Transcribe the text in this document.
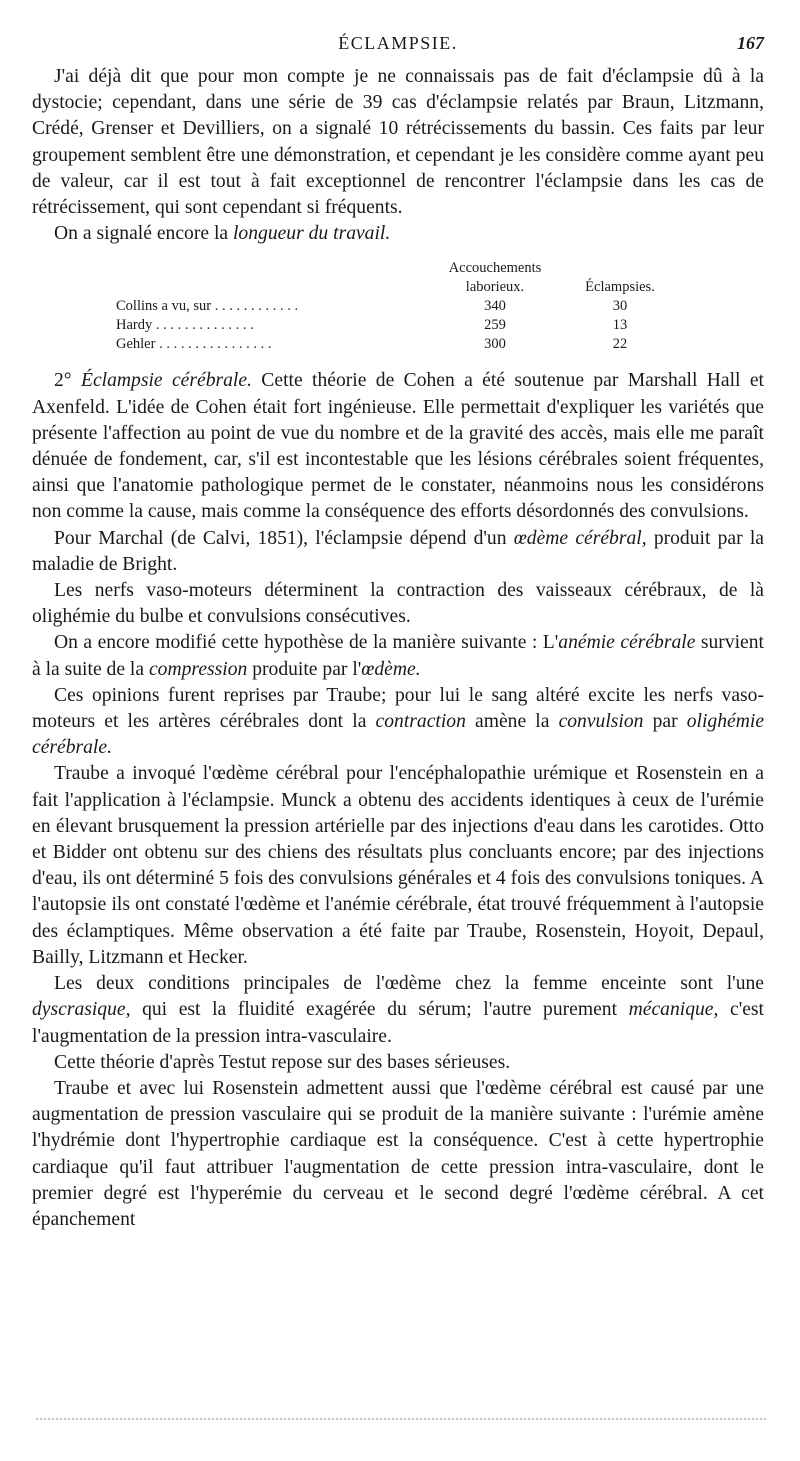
ÉCLAMPSIE.	167

J'ai déjà dit que pour mon compte je ne connaissais pas de fait d'éclampsie dû à la dystocie; cependant, dans une série de 39 cas d'éclampsie relatés par Braun, Litzmann, Crédé, Grenser et Devilliers, on a signalé 10 rétrécissements du bassin. Ces faits par leur groupement semblent être une démonstration, et cependant je les considère comme ayant peu de valeur, car il est tout à fait exceptionnel de rencontrer l'éclampsie dans les cas de rétrécissement, qui sont cependant si fréquents.

On a signalé encore la longueur du travail.

	Accouchements laborieux.	Éclampsies.
Collins a vu, sur . . . . . . . . . . . .	340	30
Hardy . . . . . . . . . . . . . .	259	13
Gehler . . . . . . . . . . . . . . . .	300	22

2° Éclampsie cérébrale. Cette théorie de Cohen a été soutenue par Marshall Hall et Axenfeld. L'idée de Cohen était fort ingénieuse. Elle permettait d'expliquer les variétés que présente l'affection au point de vue du nombre et de la gravité des accès, mais elle me paraît dénuée de fondement, car, s'il est incontestable que les lésions cérébrales soient fréquentes, ainsi que l'anatomie pathologique permet de le constater, néanmoins nous les considérons non comme la cause, mais comme la conséquence des efforts désordonnés des convulsions.

Pour Marchal (de Calvi, 1851), l'éclampsie dépend d'un œdème cérébral, produit par la maladie de Bright.

Les nerfs vaso-moteurs déterminent la contraction des vaisseaux cérébraux, de là olighémie du bulbe et convulsions consécutives.

On a encore modifié cette hypothèse de la manière suivante : L'anémie cérébrale survient à la suite de la compression produite par l'œdème.

Ces opinions furent reprises par Traube; pour lui le sang altéré excite les nerfs vaso-moteurs et les artères cérébrales dont la contraction amène la convulsion par olighémie cérébrale.

Traube a invoqué l'œdème cérébral pour l'encéphalopathie urémique et Rosenstein en a fait l'application à l'éclampsie. Munck a obtenu des accidents identiques à ceux de l'urémie en élevant brusquement la pression artérielle par des injections d'eau dans les carotides. Otto et Bidder ont obtenu sur des chiens des résultats plus concluants encore; par des injections d'eau, ils ont déterminé 5 fois des convulsions générales et 4 fois des convulsions toniques. A l'autopsie ils ont constaté l'œdème et l'anémie cérébrale, état trouvé fréquemment à l'autopsie des éclamptiques. Même observation a été faite par Traube, Rosenstein, Hoyoit, Depaul, Bailly, Litzmann et Hecker.

Les deux conditions principales de l'œdème chez la femme enceinte sont l'une dyscrasique, qui est la fluidité exagérée du sérum; l'autre purement mécanique, c'est l'augmentation de la pression intra-vasculaire.

Cette théorie d'après Testut repose sur des bases sérieuses.

Traube et avec lui Rosenstein admettent aussi que l'œdème cérébral est causé par une augmentation de pression vasculaire qui se produit de la manière suivante : l'urémie amène l'hydrémie dont l'hypertrophie cardiaque est la conséquence. C'est à cette hypertrophie cardiaque qu'il faut attribuer l'augmentation de cette pression intra-vasculaire, dont le premier degré est l'hyperémie du cerveau et le second degré l'œdème cérébral. A cet épanchement
